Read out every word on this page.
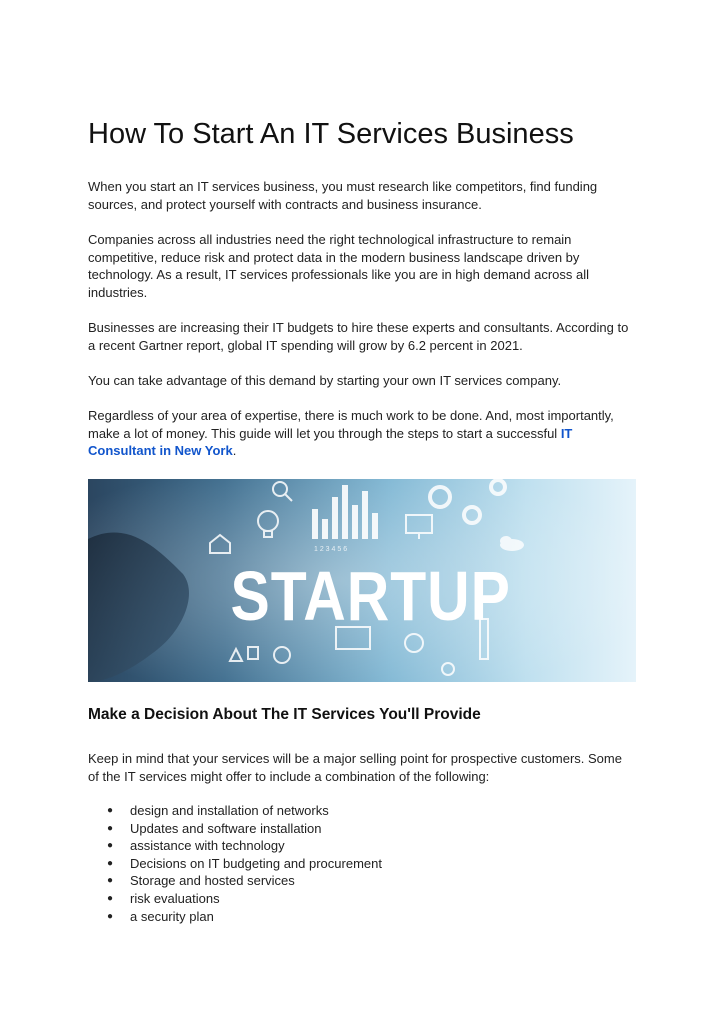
How To Start An IT Services Business

When you start an IT services business, you must research like competitors, find funding sources, and protect yourself with contracts and business insurance.

Companies across all industries need the right technological infrastructure to remain competitive, reduce risk and protect data in the modern business landscape driven by technology. As a result, IT services professionals like you are in high demand across all industries.

Businesses are increasing their IT budgets to hire these experts and consultants. According to a recent Gartner report, global IT spending will grow by 6.2 percent in 2021.

You can take advantage of this demand by starting your own IT services company.

Regardless of your area of expertise, there is much work to be done. And, most importantly, make a lot of money. This guide will let you through the steps to start a successful IT Consultant in New York.

1 2 3 4 5 6
STARTUP
Make a Decision About The IT Services You'll Provide

Keep in mind that your services will be a major selling point for prospective customers. Some of the IT services might offer to include a combination of the following:

● design and installation of networks
● Updates and software installation
● assistance with technology
● Decisions on IT budgeting and procurement
● Storage and hosted services
● risk evaluations
● a security plan
